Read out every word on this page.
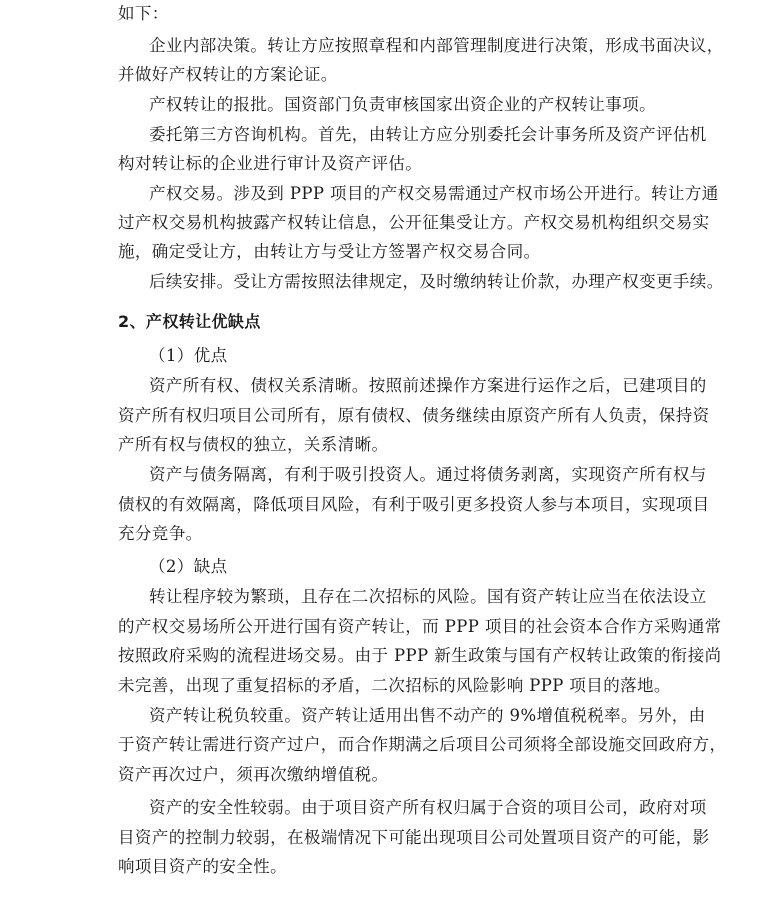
如下：
企业内部决策。转让方应按照章程和内部管理制度进行决策，形成书面决议，
并做好产权转让的方案论证。
产权转让的报批。国资部门负责审核国家出资企业的产权转让事项。
委托第三方咨询机构。首先，由转让方应分别委托会计事务所及资产评估机
构对转让标的企业进行审计及资产评估。
产权交易。涉及到 PPP 项目的产权交易需通过产权市场公开进行。转让方通
过产权交易机构披露产权转让信息，公开征集受让方。产权交易机构组织交易实
施，确定受让方，由转让方与受让方签署产权交易合同。
后续安排。受让方需按照法律规定，及时缴纳转让价款，办理产权变更手续。
2、产权转让优缺点
（1）优点
资产所有权、债权关系清晰。按照前述操作方案进行运作之后，已建项目的
资产所有权归项目公司所有，原有债权、债务继续由原资产所有人负责，保持资
产所有权与债权的独立，关系清晰。
资产与债务隔离，有利于吸引投资人。通过将债务剥离，实现资产所有权与
债权的有效隔离，降低项目风险，有利于吸引更多投资人参与本项目，实现项目
充分竞争。
（2）缺点
转让程序较为繁琐，且存在二次招标的风险。国有资产转让应当在依法设立
的产权交易场所公开进行国有资产转让，而 PPP 项目的社会资本合作方采购通常
按照政府采购的流程进场交易。由于 PPP 新生政策与国有产权转让政策的衔接尚
未完善，出现了重复招标的矛盾，二次招标的风险影响 PPP 项目的落地。
资产转让税负较重。资产转让适用出售不动产的 9%增值税税率。另外，由
于资产转让需进行资产过户，而合作期满之后项目公司须将全部设施交回政府方，
资产再次过户，须再次缴纳增值税。
资产的安全性较弱。由于项目资产所有权归属于合资的项目公司，政府对项
目资产的控制力较弱，在极端情况下可能出现项目公司处置项目资产的可能，影
响项目资产的安全性。
